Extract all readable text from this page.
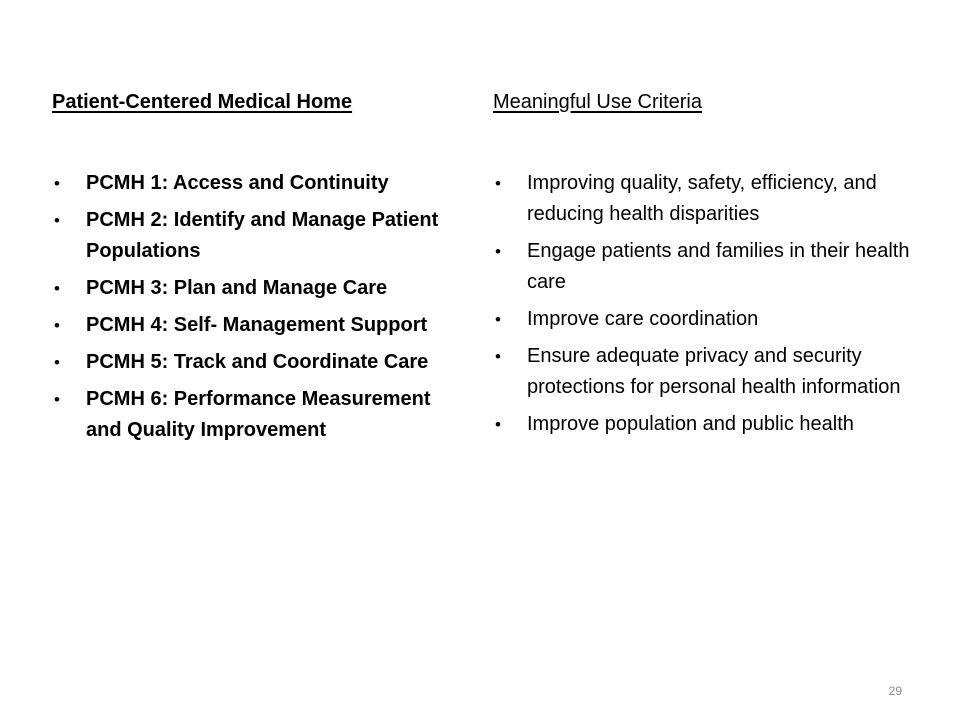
Patient-Centered Medical Home
• PCMH 1: Access and Continuity
• PCMH 2: Identify and Manage Patient Populations
• PCMH 3: Plan and Manage Care
• PCMH 4: Self- Management Support
• PCMH 5: Track and Coordinate Care
• PCMH 6: Performance Measurement and Quality Improvement
Meaningful Use Criteria
• Improving quality, safety, efficiency, and reducing health disparities
• Engage patients and families in their health care
• Improve care coordination
• Ensure adequate privacy and security protections for personal health information
• Improve population and public health
29
